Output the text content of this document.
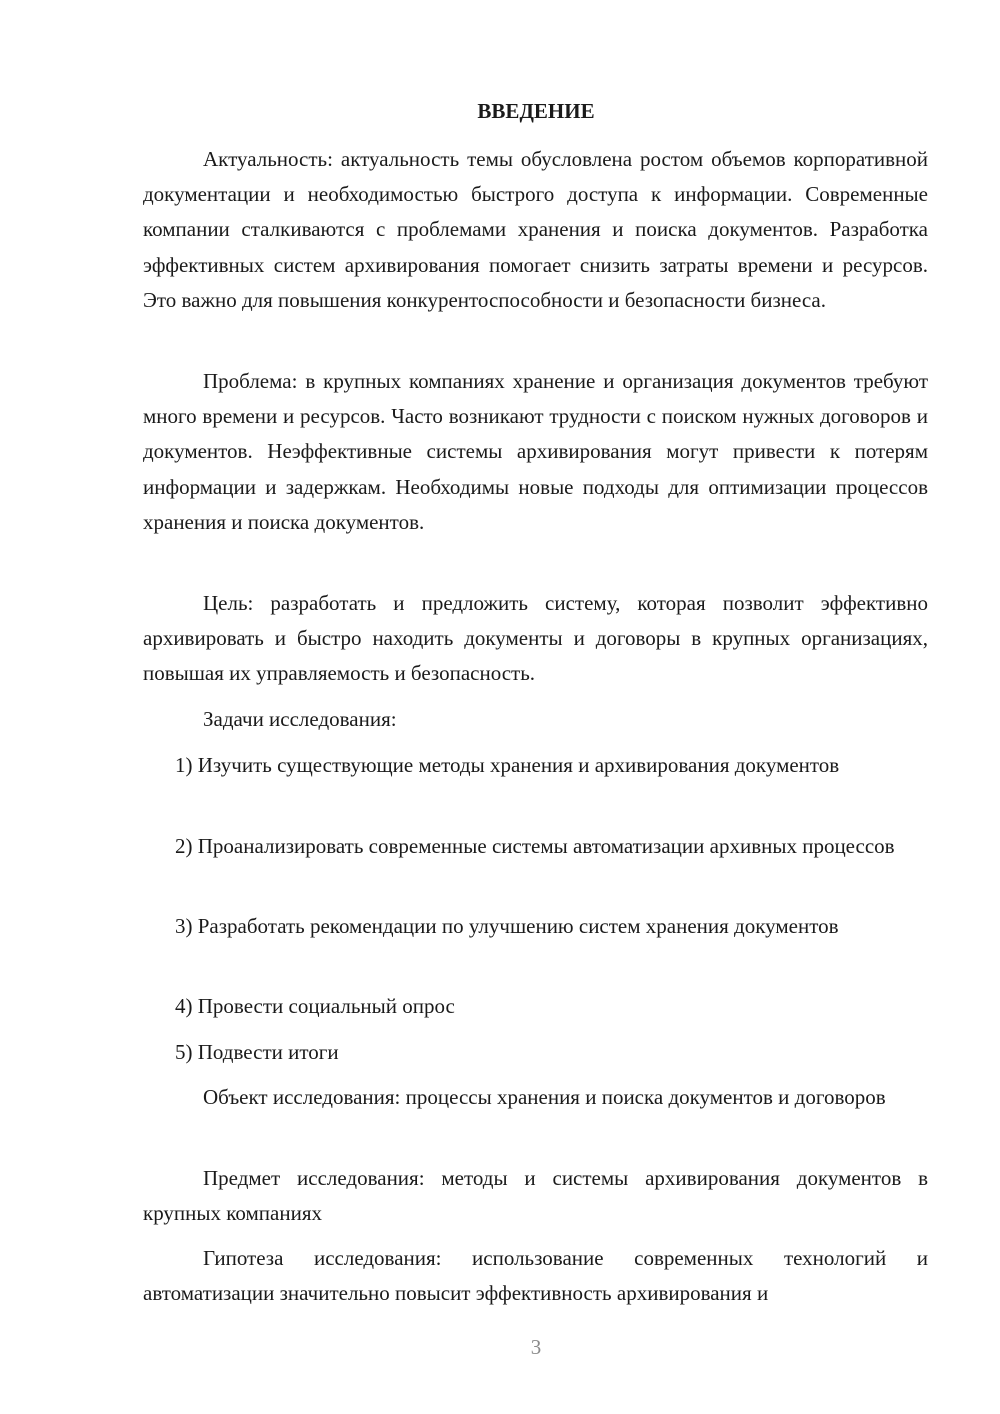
ВВЕДЕНИЕ

Актуальность: актуальность темы обусловлена ростом объемов корпоративной документации и необходимостью быстрого доступа к информации. Современные компании сталкиваются с проблемами хранения и поиска документов. Разработка эффективных систем архивирования помогает снизить затраты времени и ресурсов. Это важно для повышения конкурентоспособности и безопасности бизнеса.

Проблема: в крупных компаниях хранение и организация документов требуют много времени и ресурсов. Часто возникают трудности с поиском нужных договоров и документов. Неэффективные системы архивирования могут привести к потерям информации и задержкам. Необходимы новые подходы для оптимизации процессов хранения и поиска документов.

Цель: разработать и предложить систему, которая позволит эффективно архивировать и быстро находить документы и договоры в крупных организациях, повышая их управляемость и безопасность.

Задачи исследования:

1) Изучить существующие методы хранения и архивирования документов

2) Проанализировать современные системы автоматизации архивных процессов

3) Разработать рекомендации по улучшению систем хранения документов

4) Провести социальный опрос

5) Подвести итоги

Объект исследования: процессы хранения и поиска документов и договоров

Предмет исследования: методы и системы архивирования документов в крупных компаниях

Гипотеза исследования: использование современных технологий и автоматизации значительно повысит эффективность архивирования и

3
